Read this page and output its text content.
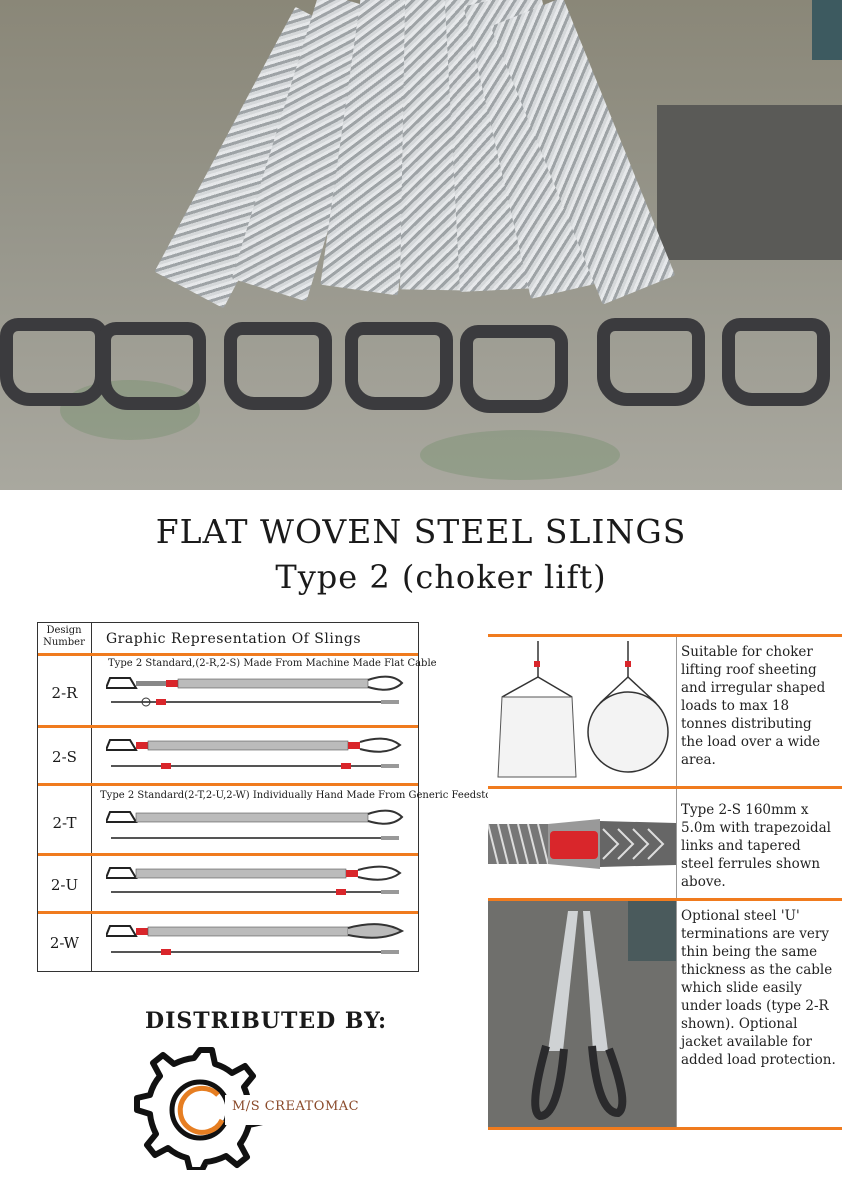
FLAT WOVEN STEEL SLINGS
Type 2 (choker lift)
Design Number Graphic Representation Of Slings
2-R
Type 2 Standard,(2-R,2-S) Made From Machine Made Flat Cable
2-S
2-T
Type 2 Standard(2-T,2-U,2-W) Individually Hand Made From Generic Feedstock
2-U
2-W
DISTRIBUTED BY:
M/S CREATOMAC
Suitable for choker lifting roof sheeting and irregular shaped loads to max 18 tonnes distributing the load over a wide area.
Type 2-S 160mm x 5.0m with trapezoidal links and tapered steel ferrules shown above.
Optional steel 'U' terminations are very thin being the same thickness as the cable which slide easily under loads (type 2-R shown). Optional jacket available for added load protection.
